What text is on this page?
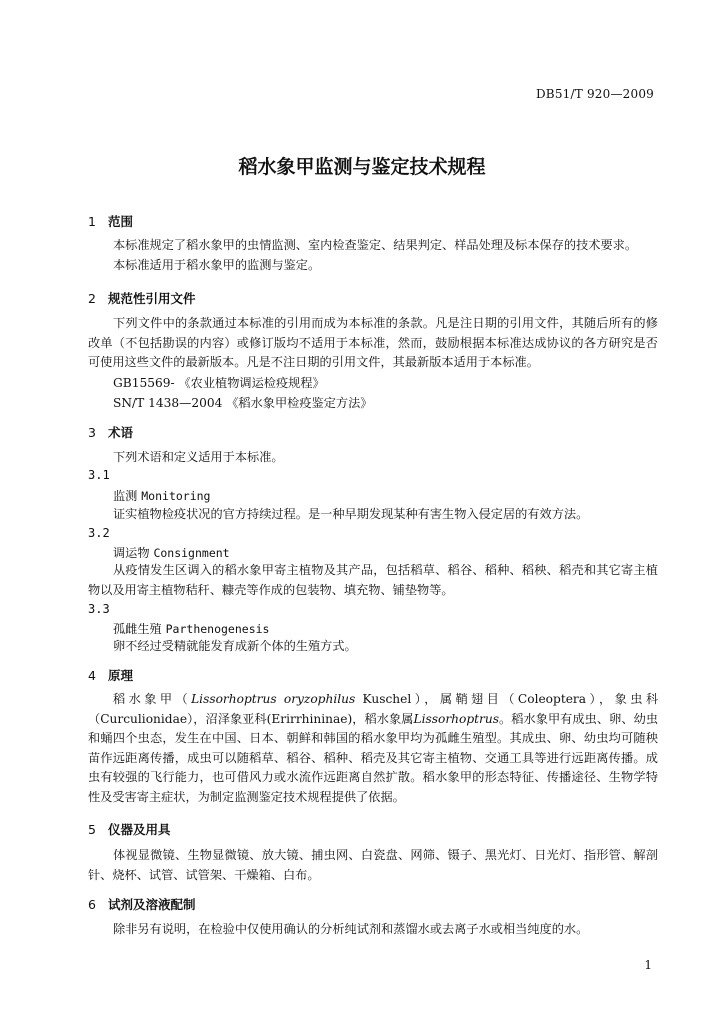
DB51/T 920—2009
稻水象甲监测与鉴定技术规程
1 范围
本标准规定了稻水象甲的虫情监测、室内检查鉴定、结果判定、样品处理及标本保存的技术要求。
本标准适用于稻水象甲的监测与鉴定。
2 规范性引用文件
下列文件中的条款通过本标准的引用而成为本标准的条款。凡是注日期的引用文件，其随后所有的修改单（不包括勘误的内容）或修订版均不适用于本标准，然而，鼓励根据本标准达成协议的各方研究是否可使用这些文件的最新版本。凡是不注日期的引用文件，其最新版本适用于本标准。
GB15569- 《农业植物调运检疫规程》
SN/T 1438—2004 《稻水象甲检疫鉴定方法》
3 术语
下列术语和定义适用于本标准。
3.1
监测 Monitoring
证实植物检疫状况的官方持续过程。是一种早期发现某种有害生物入侵定居的有效方法。
3.2
调运物 Consignment
从疫情发生区调入的稻水象甲寄主植物及其产品，包括稻草、稻谷、稻种、稻秧、稻壳和其它寄主植物以及用寄主植物秸秆、糠壳等作成的包装物、填充物、铺垫物等。
3.3
孤雌生殖 Parthenogenesis
卵不经过受精就能发育成新个体的生殖方式。
4 原理
稻水象甲（Lissorhoptrus oryzophilus Kuschel），属鞘翅目（Coleoptera），象虫科（Curculionidae），沼泽象亚科(Erirrhininae)，稻水象属Lissorhoptrus。稻水象甲有成虫、卵、幼虫和蛹四个虫态，发生在中国、日本、朝鲜和韩国的稻水象甲均为孤雌生殖型。其成虫、卵、幼虫均可随秧苗作远距离传播，成虫可以随稻草、稻谷、稻种、稻壳及其它寄主植物、交通工具等进行远距离传播。成虫有较强的飞行能力，也可借风力或水流作远距离自然扩散。稻水象甲的形态特征、传播途径、生物学特性及受害寄主症状，为制定监测鉴定技术规程提供了依据。
5 仪器及用具
体视显微镜、生物显微镜、放大镜、捕虫网、白瓷盘、网筛、镊子、黑光灯、日光灯、指形管、解剖针、烧杯、试管、试管架、干燥箱、白布。
6 试剂及溶液配制
除非另有说明，在检验中仅使用确认的分析纯试剂和蒸馏水或去离子水或相当纯度的水。
1
